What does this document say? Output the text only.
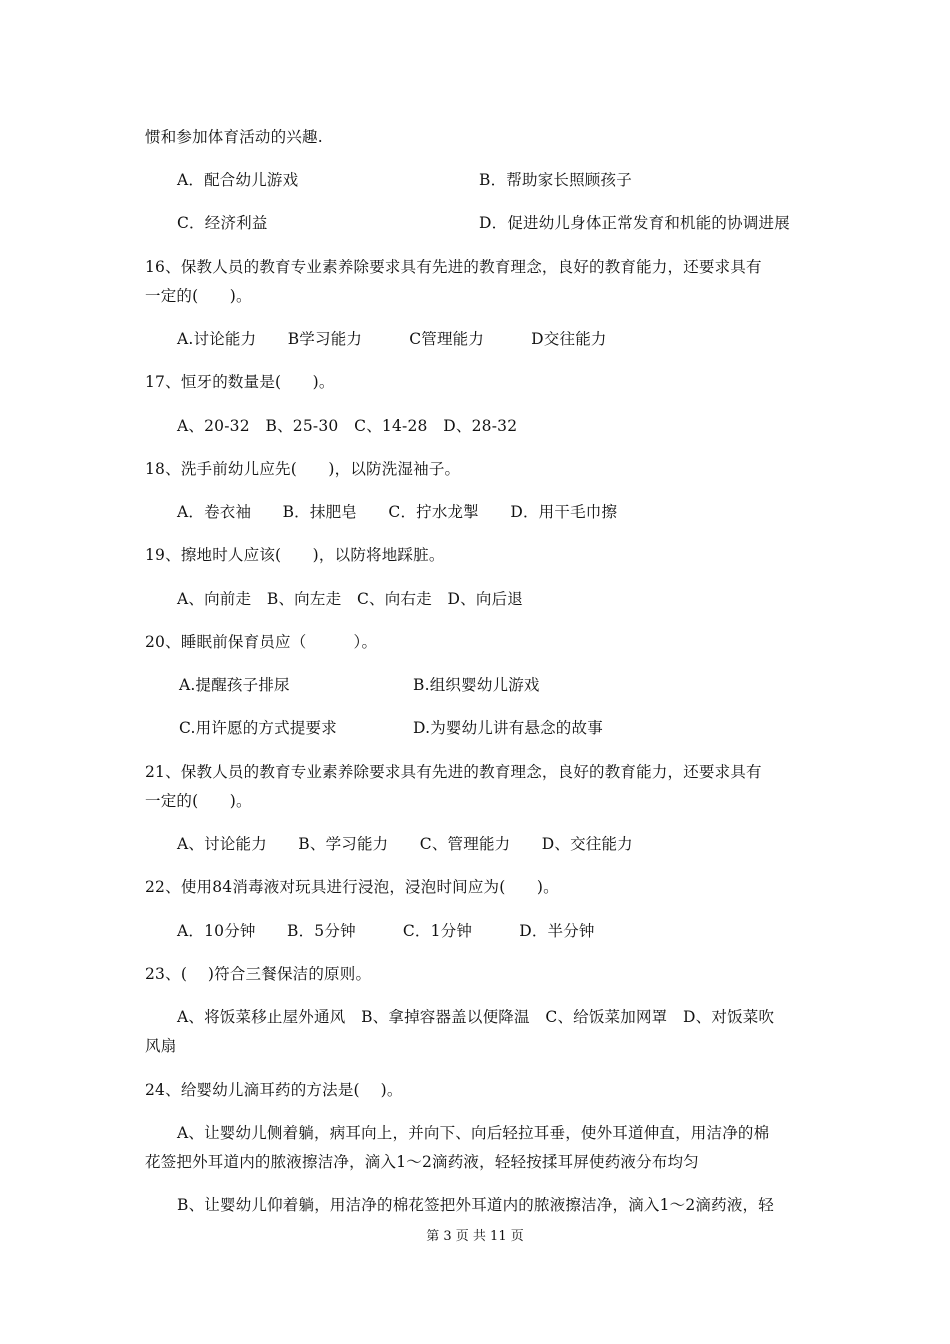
惯和参加体育活动的兴趣.
A．配合幼儿游戏	B．帮助家长照顾孩子
C．经济利益	D．促进幼儿身体正常发育和机能的协调进展
16、保教人员的教育专业素养除要求具有先进的教育理念，良好的教育能力，还要求具有
一定的(　　)。
A.讨论能力　　B学习能力　　　C管理能力　　　D交往能力
17、恒牙的数量是(　　)。
A、20-32　B、25-30　C、14-28　D、28-32
18、洗手前幼儿应先(　　)，以防洗湿袖子。
A．卷衣袖　　B．抹肥皂　　C．拧水龙掣　　D．用干毛巾擦
19、擦地时人应该(　　)，以防将地踩脏。
A、向前走　B、向左走　C、向右走　D、向后退
20、睡眠前保育员应（　　　）。
A.提醒孩子排尿	B.组织婴幼儿游戏
C.用许愿的方式提要求	D.为婴幼儿讲有悬念的故事
21、保教人员的教育专业素养除要求具有先进的教育理念，良好的教育能力，还要求具有
一定的(　　)。
A、讨论能力　　B、学习能力　　C、管理能力　　D、交往能力
22、使用84消毒液对玩具进行浸泡，浸泡时间应为(　　)。
A．10分钟　　B．5分钟　　　C．1分钟　　　D．半分钟
23、(　 )符合三餐保洁的原则。
A、将饭菜移止屋外通风　B、拿掉容器盖以便降温　C、给饭菜加网罩　D、对饭菜吹
风扇
24、给婴幼儿滴耳药的方法是(　 )。
A、让婴幼儿侧着躺，病耳向上，并向下、向后轻拉耳垂，使外耳道伸直，用洁净的棉
花签把外耳道内的脓液擦洁净，滴入1～2滴药液，轻轻按揉耳屏使药液分布均匀
B、让婴幼儿仰着躺，用洁净的棉花签把外耳道内的脓液擦洁净，滴入1～2滴药液，轻
第 3 页 共 11 页
